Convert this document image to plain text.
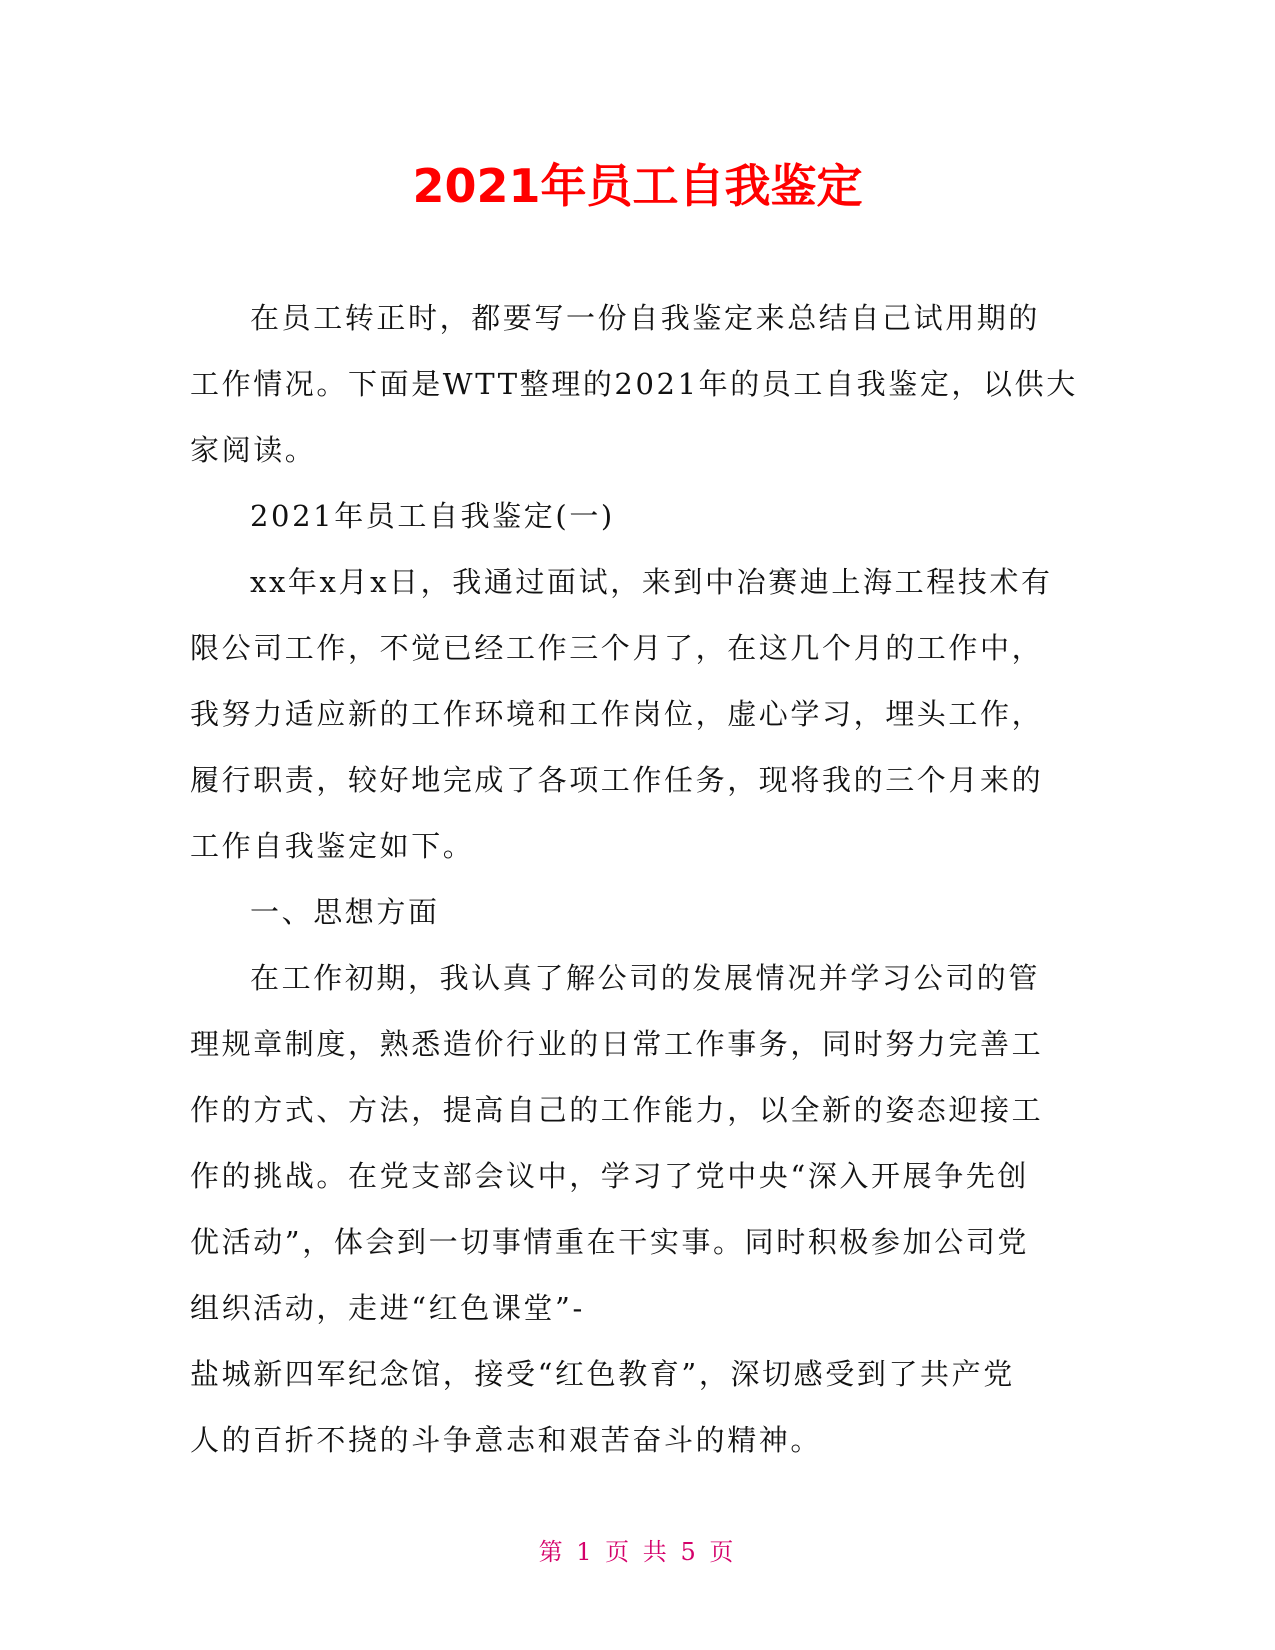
2021年员工自我鉴定
在员工转正时，都要写一份自我鉴定来总结自己试用期的
工作情况。下面是WTT整理的2021年的员工自我鉴定，以供大
家阅读。
2021年员工自我鉴定(一)
xx年x月x日，我通过面试，来到中冶赛迪上海工程技术有
限公司工作，不觉已经工作三个月了，在这几个月的工作中，
我努力适应新的工作环境和工作岗位，虚心学习，埋头工作，
履行职责，较好地完成了各项工作任务，现将我的三个月来的
工作自我鉴定如下。
一、思想方面
在工作初期，我认真了解公司的发展情况并学习公司的管
理规章制度，熟悉造价行业的日常工作事务，同时努力完善工
作的方式、方法，提高自己的工作能力，以全新的姿态迎接工
作的挑战。在党支部会议中，学习了党中央“深入开展争先创
优活动”，体会到一切事情重在干实事。同时积极参加公司党
组织活动，走进“红色课堂”-
盐城新四军纪念馆，接受“红色教育”，深切感受到了共产党
人的百折不挠的斗争意志和艰苦奋斗的精神。
第 1 页 共 5 页
